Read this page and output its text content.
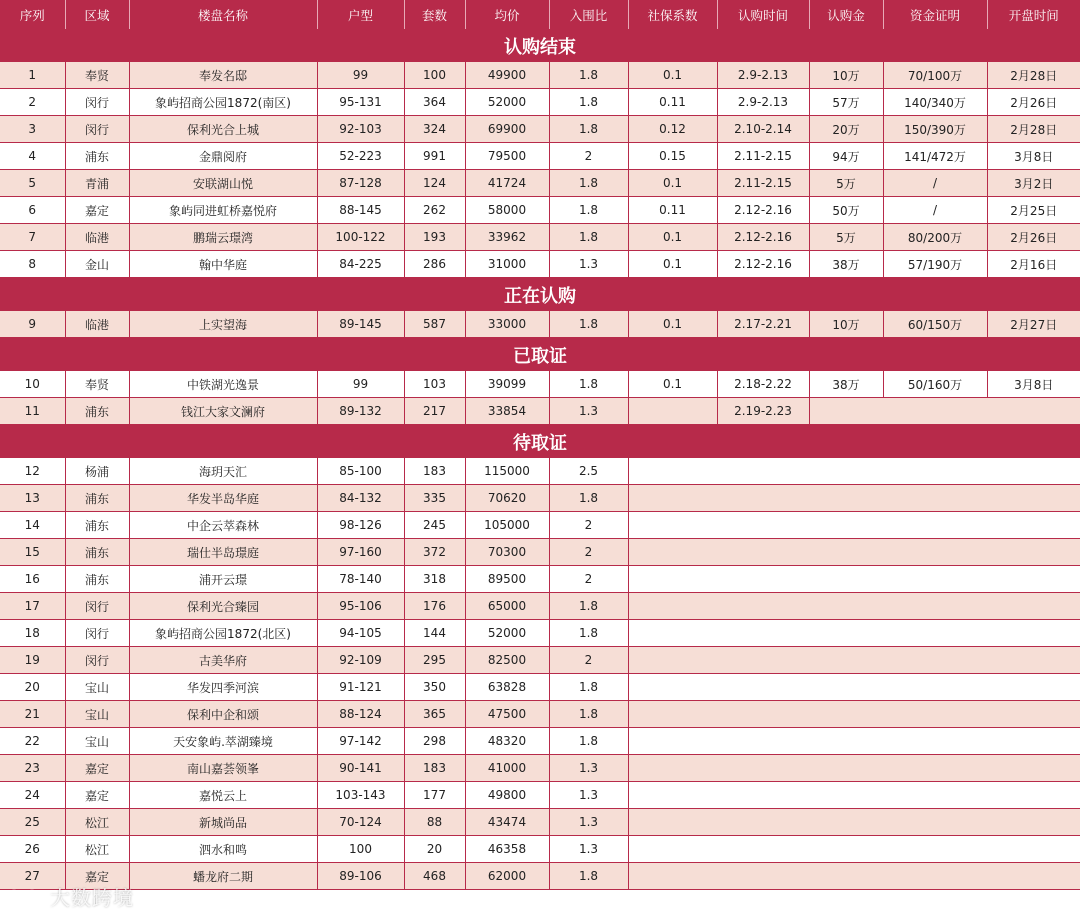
序列	区域	楼盘名称	户型	套数	均价	入围比	社保系数	认购时间	认购金	资金证明	开盘时间
认购结束											
1	奉贤	奉发名邸	99	100	49900	1.8	0.1	2.9-2.13	10万	70/100万	2月28日
2	闵行	象屿招商公园1872(南区)	95-131	364	52000	1.8	0.11	2.9-2.13	57万	140/340万	2月26日
3	闵行	保利光合上城	92-103	324	69900	1.8	0.12	2.10-2.14	20万	150/390万	2月28日
4	浦东	金鼎阅府	52-223	991	79500	2	0.15	2.11-2.15	94万	141/472万	3月8日
5	青浦	安联湖山悦	87-128	124	41724	1.8	0.1	2.11-2.15	5万	/	3月2日
6	嘉定	象屿同进虹桥嘉悦府	88-145	262	58000	1.8	0.11	2.12-2.16	50万	/	2月25日
7	临港	鹏瑞云璟湾	100-122	193	33962	1.8	0.1	2.12-2.16	5万	80/200万	2月26日
8	金山	翰中华庭	84-225	286	31000	1.3	0.1	2.12-2.16	38万	57/190万	2月16日
正在认购											
9	临港	上实望海	89-145	587	33000	1.8	0.1	2.17-2.21	10万	60/150万	2月27日
已取证											
10	奉贤	中铁湖光逸景	99	103	39099	1.8	0.1	2.18-2.22	38万	50/160万	3月8日
11	浦东	钱江大家文澜府	89-132	217	33854	1.3		2.19-2.23			
待取证											
12	杨浦	海玥天汇	85-100	183	115000	2.5					
13	浦东	华发半岛华庭	84-132	335	70620	1.8					
14	浦东	中企云萃森林	98-126	245	105000	2					
15	浦东	瑞仕半岛璟庭	97-160	372	70300	2					
16	浦东	浦开云璟	78-140	318	89500	2					
17	闵行	保利光合臻园	95-106	176	65000	1.8					
18	闵行	象屿招商公园1872(北区)	94-105	144	52000	1.8					
19	闵行	古美华府	92-109	295	82500	2					
20	宝山	华发四季河滨	91-121	350	63828	1.8					
21	宝山	保利中企和颂	88-124	365	47500	1.8					
22	宝山	天安象屿.萃湖臻境	97-142	298	48320	1.8					
23	嘉定	南山嘉荟领峯	90-141	183	41000	1.3					
24	嘉定	嘉悦云上	103-143	177	49800	1.3					
25	松江	新城尚品	70-124	88	43474	1.3					
26	松江	泗水和鸣	100	20	46358	1.3					
27	嘉定	蟠龙府二期	89-106	468	62000	1.8					
大数跨境
